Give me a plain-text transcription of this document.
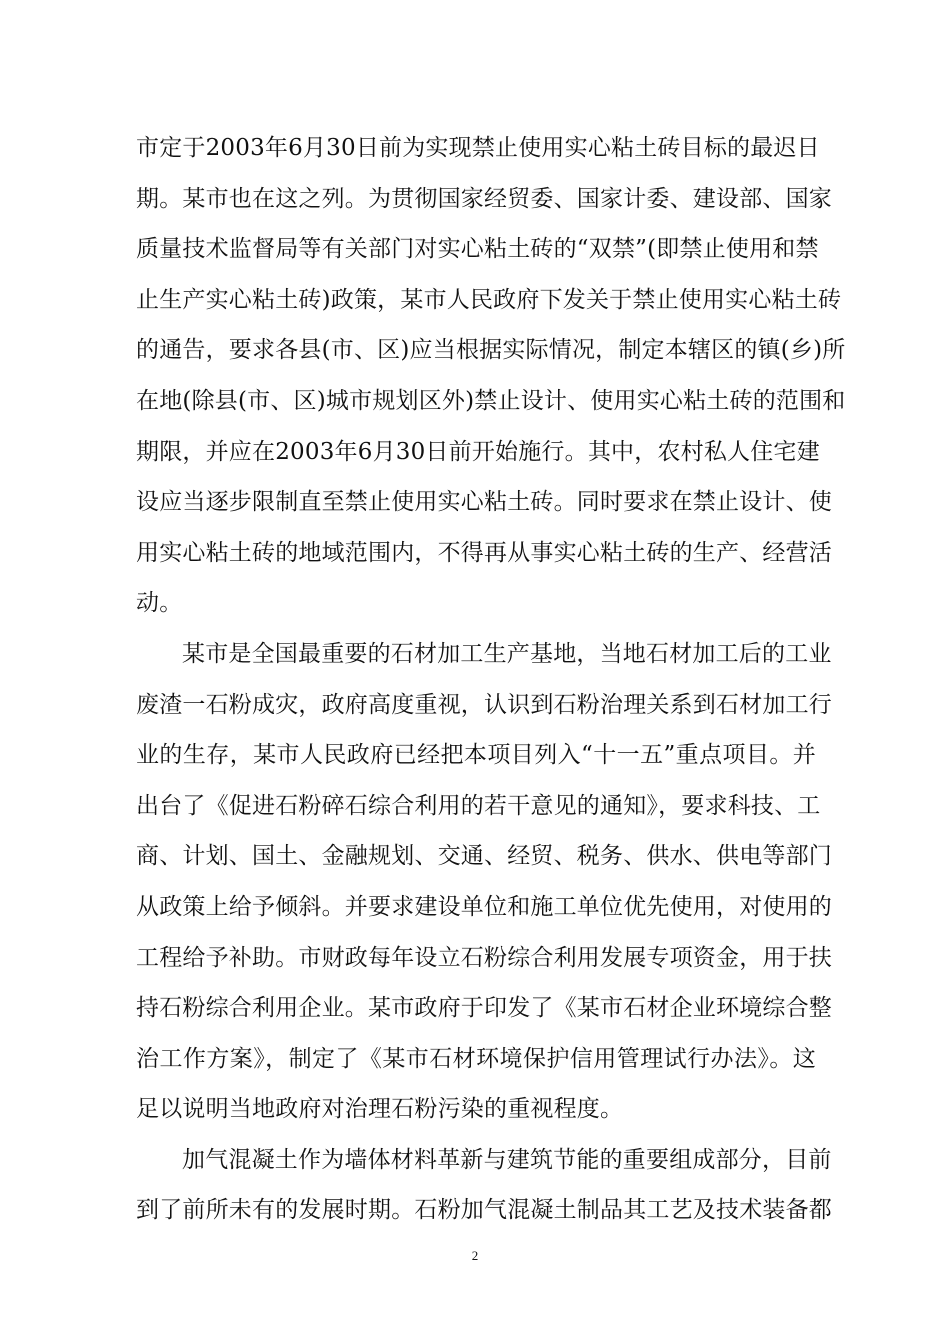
市定于2003年6月30日前为实现禁止使用实心粘土砖目标的最迟日
期。某市也在这之列。为贯彻国家经贸委、国家计委、建设部、国家
质量技术监督局等有关部门对实心粘土砖的“双禁”(即禁止使用和禁
止生产实心粘土砖)政策，某市人民政府下发关于禁止使用实心粘土砖
的通告，要求各县(市、区)应当根据实际情况，制定本辖区的镇(乡)所
在地(除县(市、区)城市规划区外)禁止设计、使用实心粘土砖的范围和
期限，并应在2003年6月30日前开始施行。其中，农村私人住宅建
设应当逐步限制直至禁止使用实心粘土砖。同时要求在禁止设计、使
用实心粘土砖的地域范围内，不得再从事实心粘土砖的生产、经营活
动。
某市是全国最重要的石材加工生产基地，当地石材加工后的工业
废渣一石粉成灾，政府高度重视，认识到石粉治理关系到石材加工行
业的生存，某市人民政府已经把本项目列入“十一五”重点项目。并
出台了《促进石粉碎石综合利用的若干意见的通知》，要求科技、工
商、计划、国土、金融规划、交通、经贸、税务、供水、供电等部门
从政策上给予倾斜。并要求建设单位和施工单位优先使用，对使用的
工程给予补助。市财政每年设立石粉综合利用发展专项资金，用于扶
持石粉综合利用企业。某市政府于印发了《某市石材企业环境综合整
治工作方案》，制定了《某市石材环境保护信用管理试行办法》。这
足以说明当地政府对治理石粉污染的重视程度。
加气混凝土作为墙体材料革新与建筑节能的重要组成部分，目前
到了前所未有的发展时期。石粉加气混凝土制品其工艺及技术装备都
2
